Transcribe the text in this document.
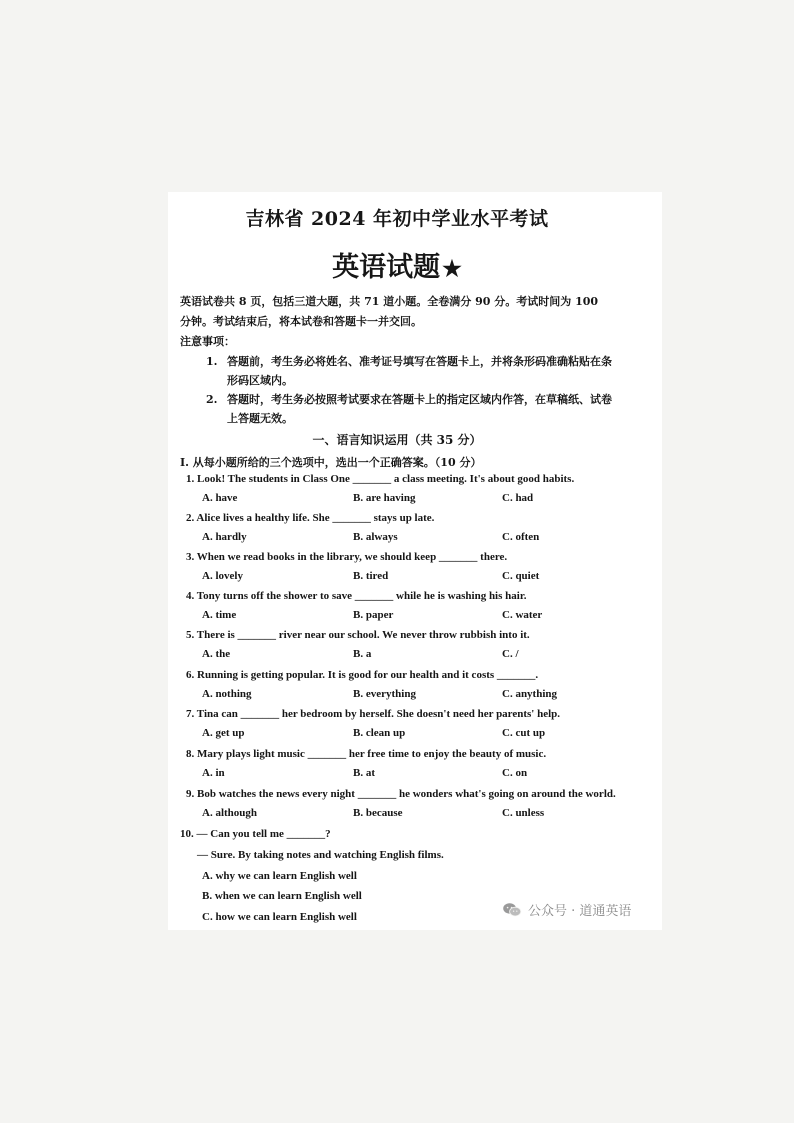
吉林省 2024 年初中学业水平考试
英语试题★
英语试卷共 8 页，包括三道大题，共 71 道小题。全卷满分 90 分。考试时间为 100
分钟。考试结束后，将本试卷和答题卡一并交回。
注意事项：
1. 答题前，考生务必将姓名、准考证号填写在答题卡上，并将条形码准确粘贴在条
形码区域内。
2. 答题时，考生务必按照考试要求在答题卡上的指定区域内作答，在草稿纸、试卷
上答题无效。
一、语言知识运用（共 35 分）
Ⅰ. 从每小题所给的三个选项中，选出一个正确答案。（10 分）
1. Look! The students in Class One _______ a class meeting. It's about good habits.
A. have	B. are having	C. had
2. Alice lives a healthy life. She _______ stays up late.
A. hardly	B. always	C. often
3. When we read books in the library, we should keep _______ there.
A. lovely	B. tired	C. quiet
4. Tony turns off the shower to save _______ while he is washing his hair.
A. time	B. paper	C. water
5. There is _______ river near our school. We never throw rubbish into it.
A. the	B. a	C. /
6. Running is getting popular. It is good for our health and it costs _______.
A. nothing	B. everything	C. anything
7. Tina can _______ her bedroom by herself. She doesn't need her parents' help.
A. get up	B. clean up	C. cut up
8. Mary plays light music _______ her free time to enjoy the beauty of music.
A. in	B. at	C. on
9. Bob watches the news every night _______ he wonders what's going on around the world.
A. although	B. because	C. unless
10. — Can you tell me _______?
— Sure. By taking notes and watching English films.
A. why we can learn English well
B. when we can learn English well
C. how we can learn English well	公众号 · 道通英语
